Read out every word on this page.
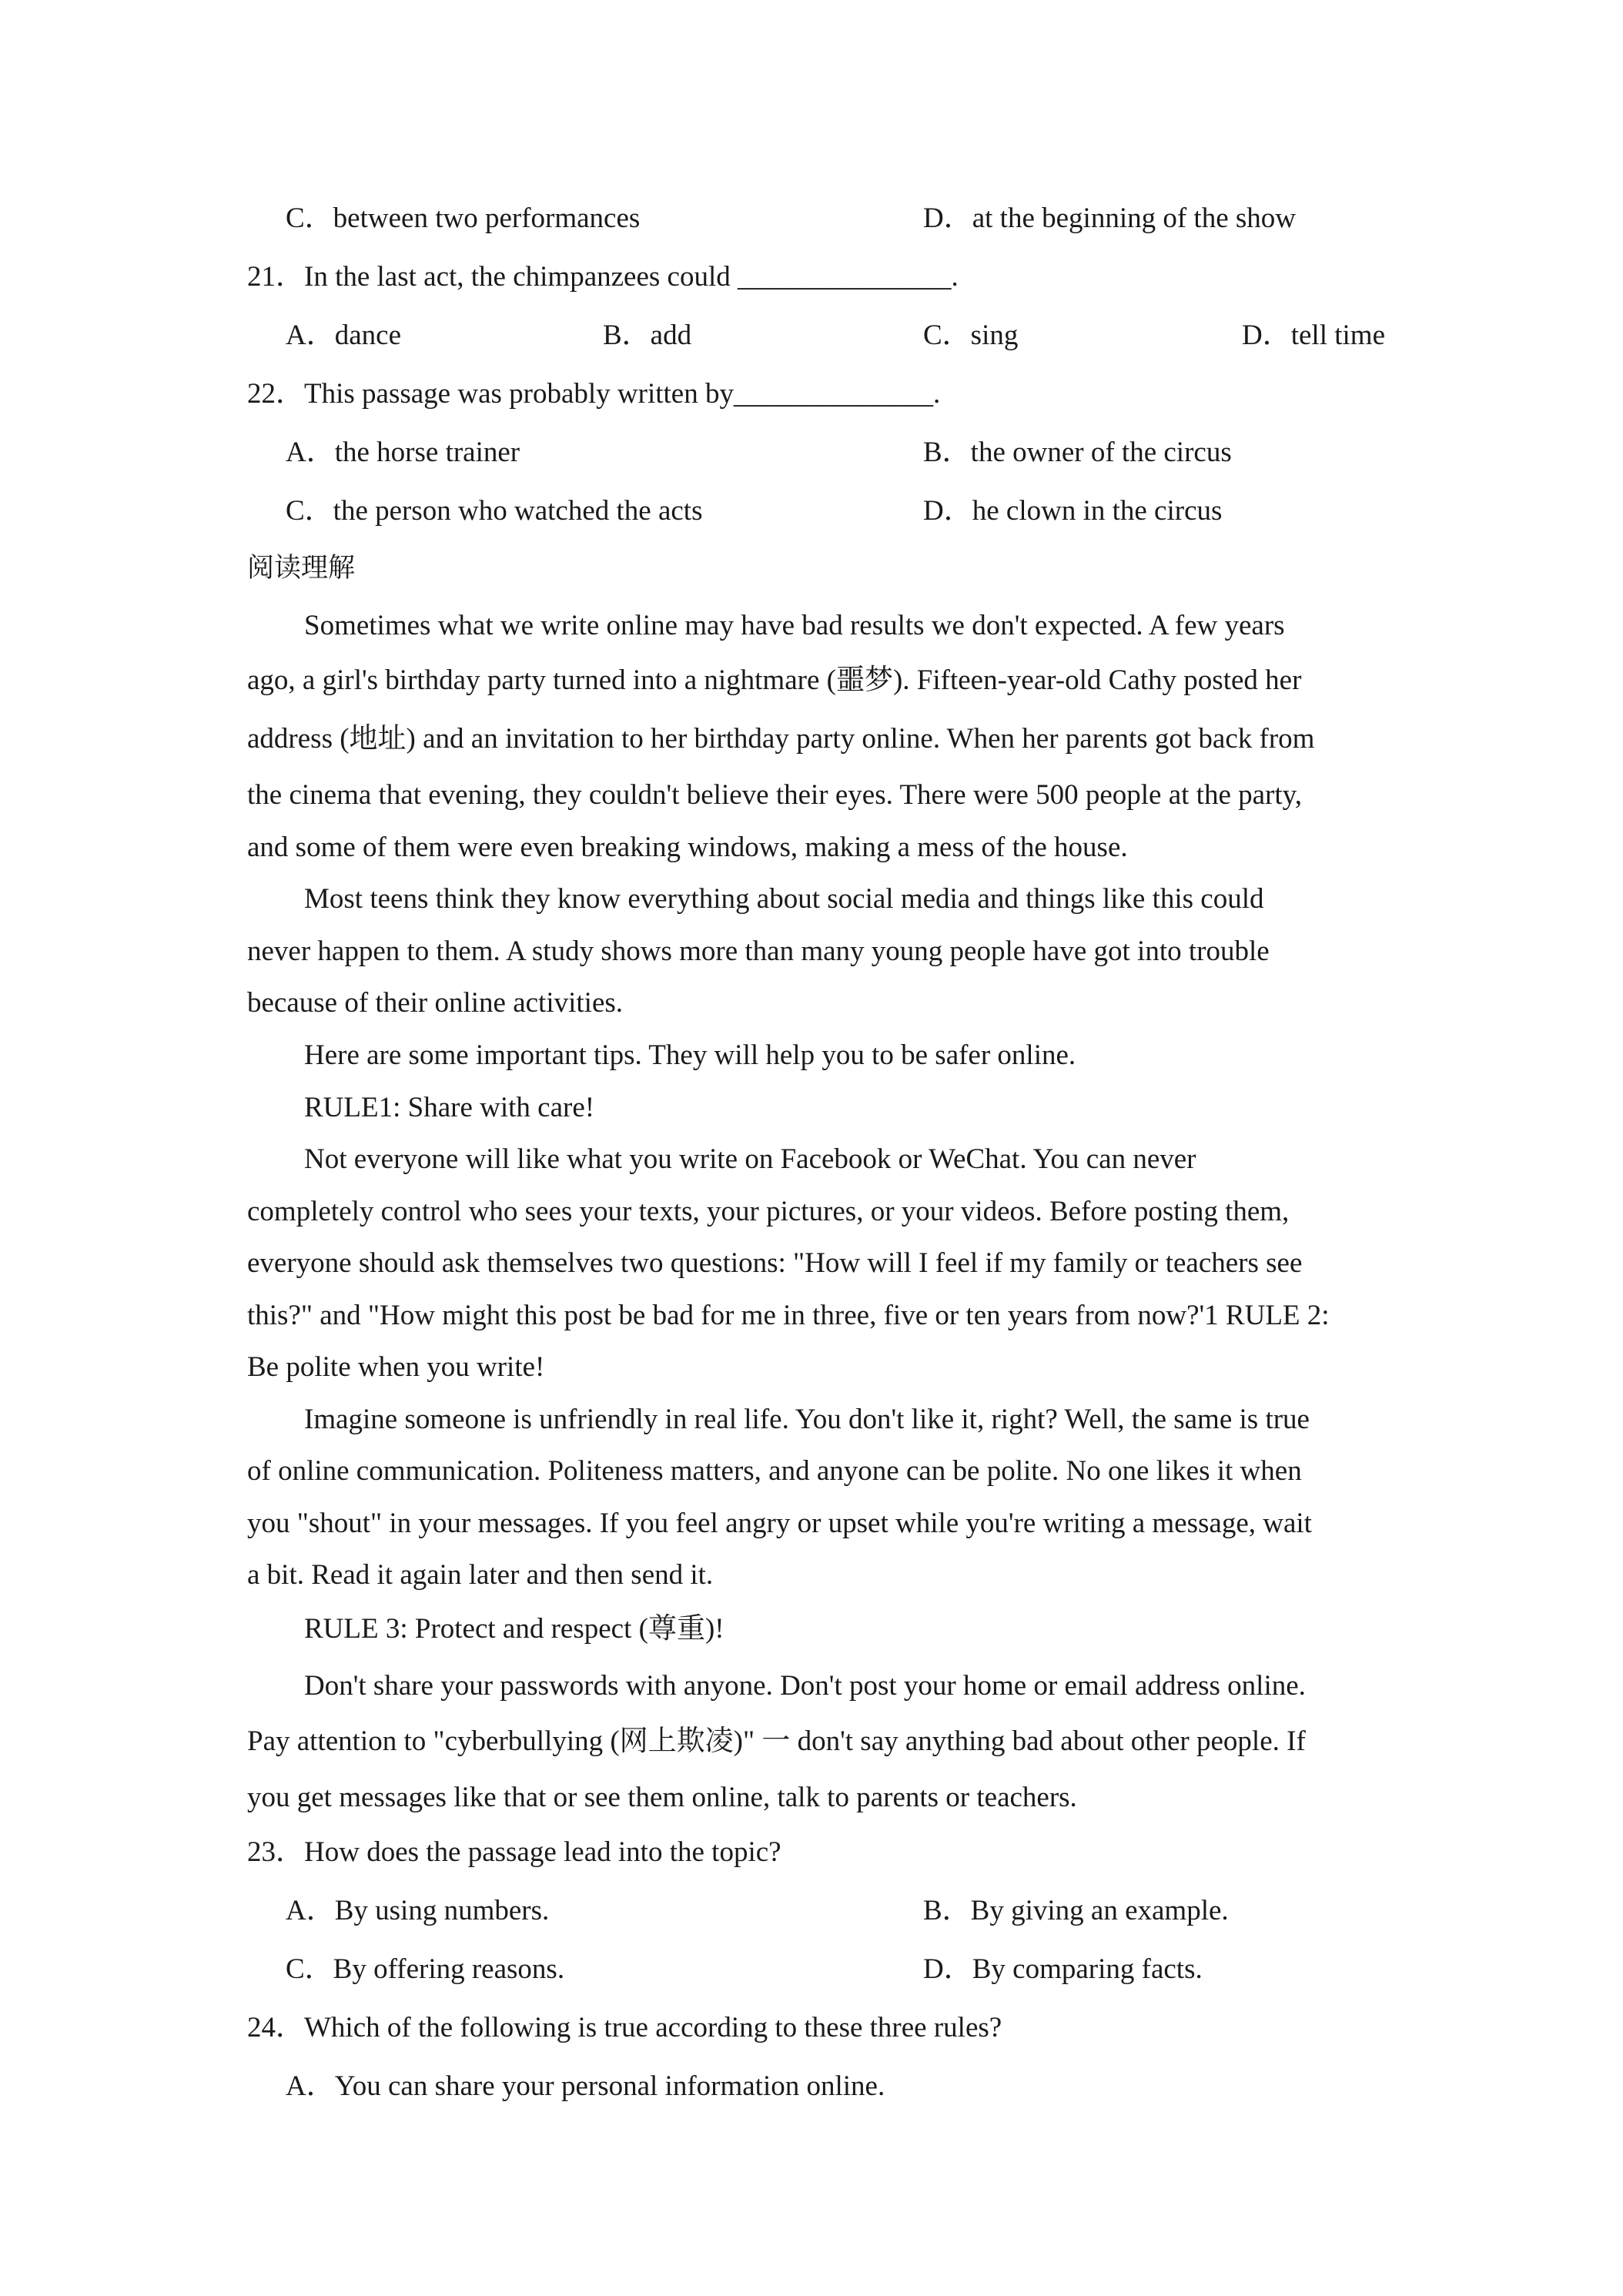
C．between two performances	D．at the beginning of the show
21．In the last act, the chimpanzees could _______________.
A．dance	B．add	C．sing	D．tell time
22．This passage was probably written by______________.
A．the horse trainer	B．the owner of the circus
C．the person who watched the acts	D．he clown in the circus
阅读理解
Sometimes what we write online may have bad results we don't expected. A few years
ago, a girl's birthday party turned into a nightmare (噩梦). Fifteen-year-old Cathy posted her
address (地址) and an invitation to her birthday party online. When her parents got back from
the cinema that evening, they couldn't believe their eyes. There were 500 people at the party,
and some of them were even breaking windows, making a mess of the house.
Most teens think they know everything about social media and things like this could
never happen to them. A study shows more than many young people have got into trouble
because of their online activities.
Here are some important tips. They will help you to be safer online.
RULE1: Share with care!
Not everyone will like what you write on Facebook or WeChat. You can never
completely control who sees your texts, your pictures, or your videos. Before posting them,
everyone should ask themselves two questions: "How will I feel if my family or teachers see
this?" and "How might this post be bad for me in three, five or ten years from now?'1 RULE 2:
Be polite when you write!
Imagine someone is unfriendly in real life. You don't like it, right? Well, the same is true
of online communication. Politeness matters, and anyone can be polite. No one likes it when
you "shout" in your messages. If you feel angry or upset while you're writing a message, wait
a bit. Read it again later and then send it.
RULE 3: Protect and respect (尊重)!
Don't share your passwords with anyone. Don't post your home or email address online.
Pay attention to "cyberbullying (网上欺凌)" 一 don't say anything bad about other people. If
you get messages like that or see them online, talk to parents or teachers.
23．How does the passage lead into the topic?
A．By using numbers.	B．By giving an example.
C．By offering reasons.	D．By comparing facts.
24．Which of the following is true according to these three rules?
A．You can share your personal information online.
